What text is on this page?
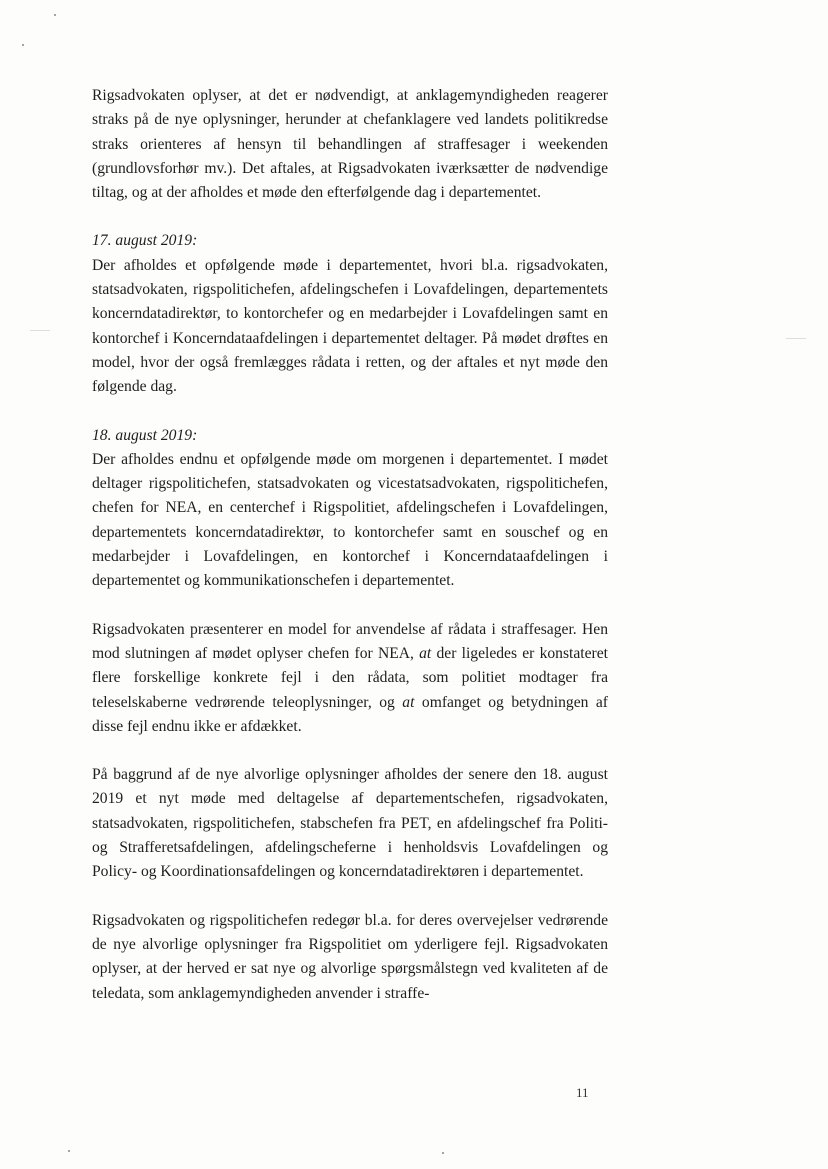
Rigsadvokaten oplyser, at det er nødvendigt, at anklagemyndigheden reagerer straks på de nye oplysninger, herunder at chefanklagere ved landets politikredse straks orienteres af hensyn til behandlingen af straffesager i weekenden (grundlovsforhør mv.). Det aftales, at Rigsadvokaten iværksætter de nødvendige tiltag, og at der afholdes et møde den efterfølgende dag i departementet.

17. august 2019:

Der afholdes et opfølgende møde i departementet, hvori bl.a. rigsadvokaten, statsadvokaten, rigspolitichefen, afdelingschefen i Lovafdelingen, departementets koncerndatadirektør, to kontorchefer og en medarbejder i Lovafdelingen samt en kontorchef i Koncerndataafdelingen i departementet deltager. På mødet drøftes en model, hvor der også fremlægges rådata i retten, og der aftales et nyt møde den følgende dag.

18. august 2019:

Der afholdes endnu et opfølgende møde om morgenen i departementet. I mødet deltager rigspolitichefen, statsadvokaten og vicestatsadvokaten, rigspolitichefen, chefen for NEA, en centerchef i Rigspolitiet, afdelingschefen i Lovafdelingen, departementets koncerndatadirektør, to kontorchefer samt en souschef og en medarbejder i Lovafdelingen, en kontorchef i Koncerndataafdelingen i departementet og kommunikationschefen i departementet.

Rigsadvokaten præsenterer en model for anvendelse af rådata i straffesager. Hen mod slutningen af mødet oplyser chefen for NEA, at der ligeledes er konstateret flere forskellige konkrete fejl i den rådata, som politiet modtager fra teleselskaberne vedrørende teleoplysninger, og at omfanget og betydningen af disse fejl endnu ikke er afdækket.

På baggrund af de nye alvorlige oplysninger afholdes der senere den 18. august 2019 et nyt møde med deltagelse af departementschefen, rigsadvokaten, statsadvokaten, rigspolitichefen, stabschefen fra PET, en afdelingschef fra Politi- og Strafferetsafdelingen, afdelingscheferne i henholdsvis Lovafdelingen og Policy- og Koordinationsafdelingen og koncerndatadirektøren i departementet.

Rigsadvokaten og rigspolitichefen redegør bl.a. for deres overvejelser vedrørende de nye alvorlige oplysninger fra Rigspolitiet om yderligere fejl. Rigsadvokaten oplyser, at der herved er sat nye og alvorlige spørgsmålstegn ved kvaliteten af de teledata, som anklagemyndigheden anvender i straffe-

11
